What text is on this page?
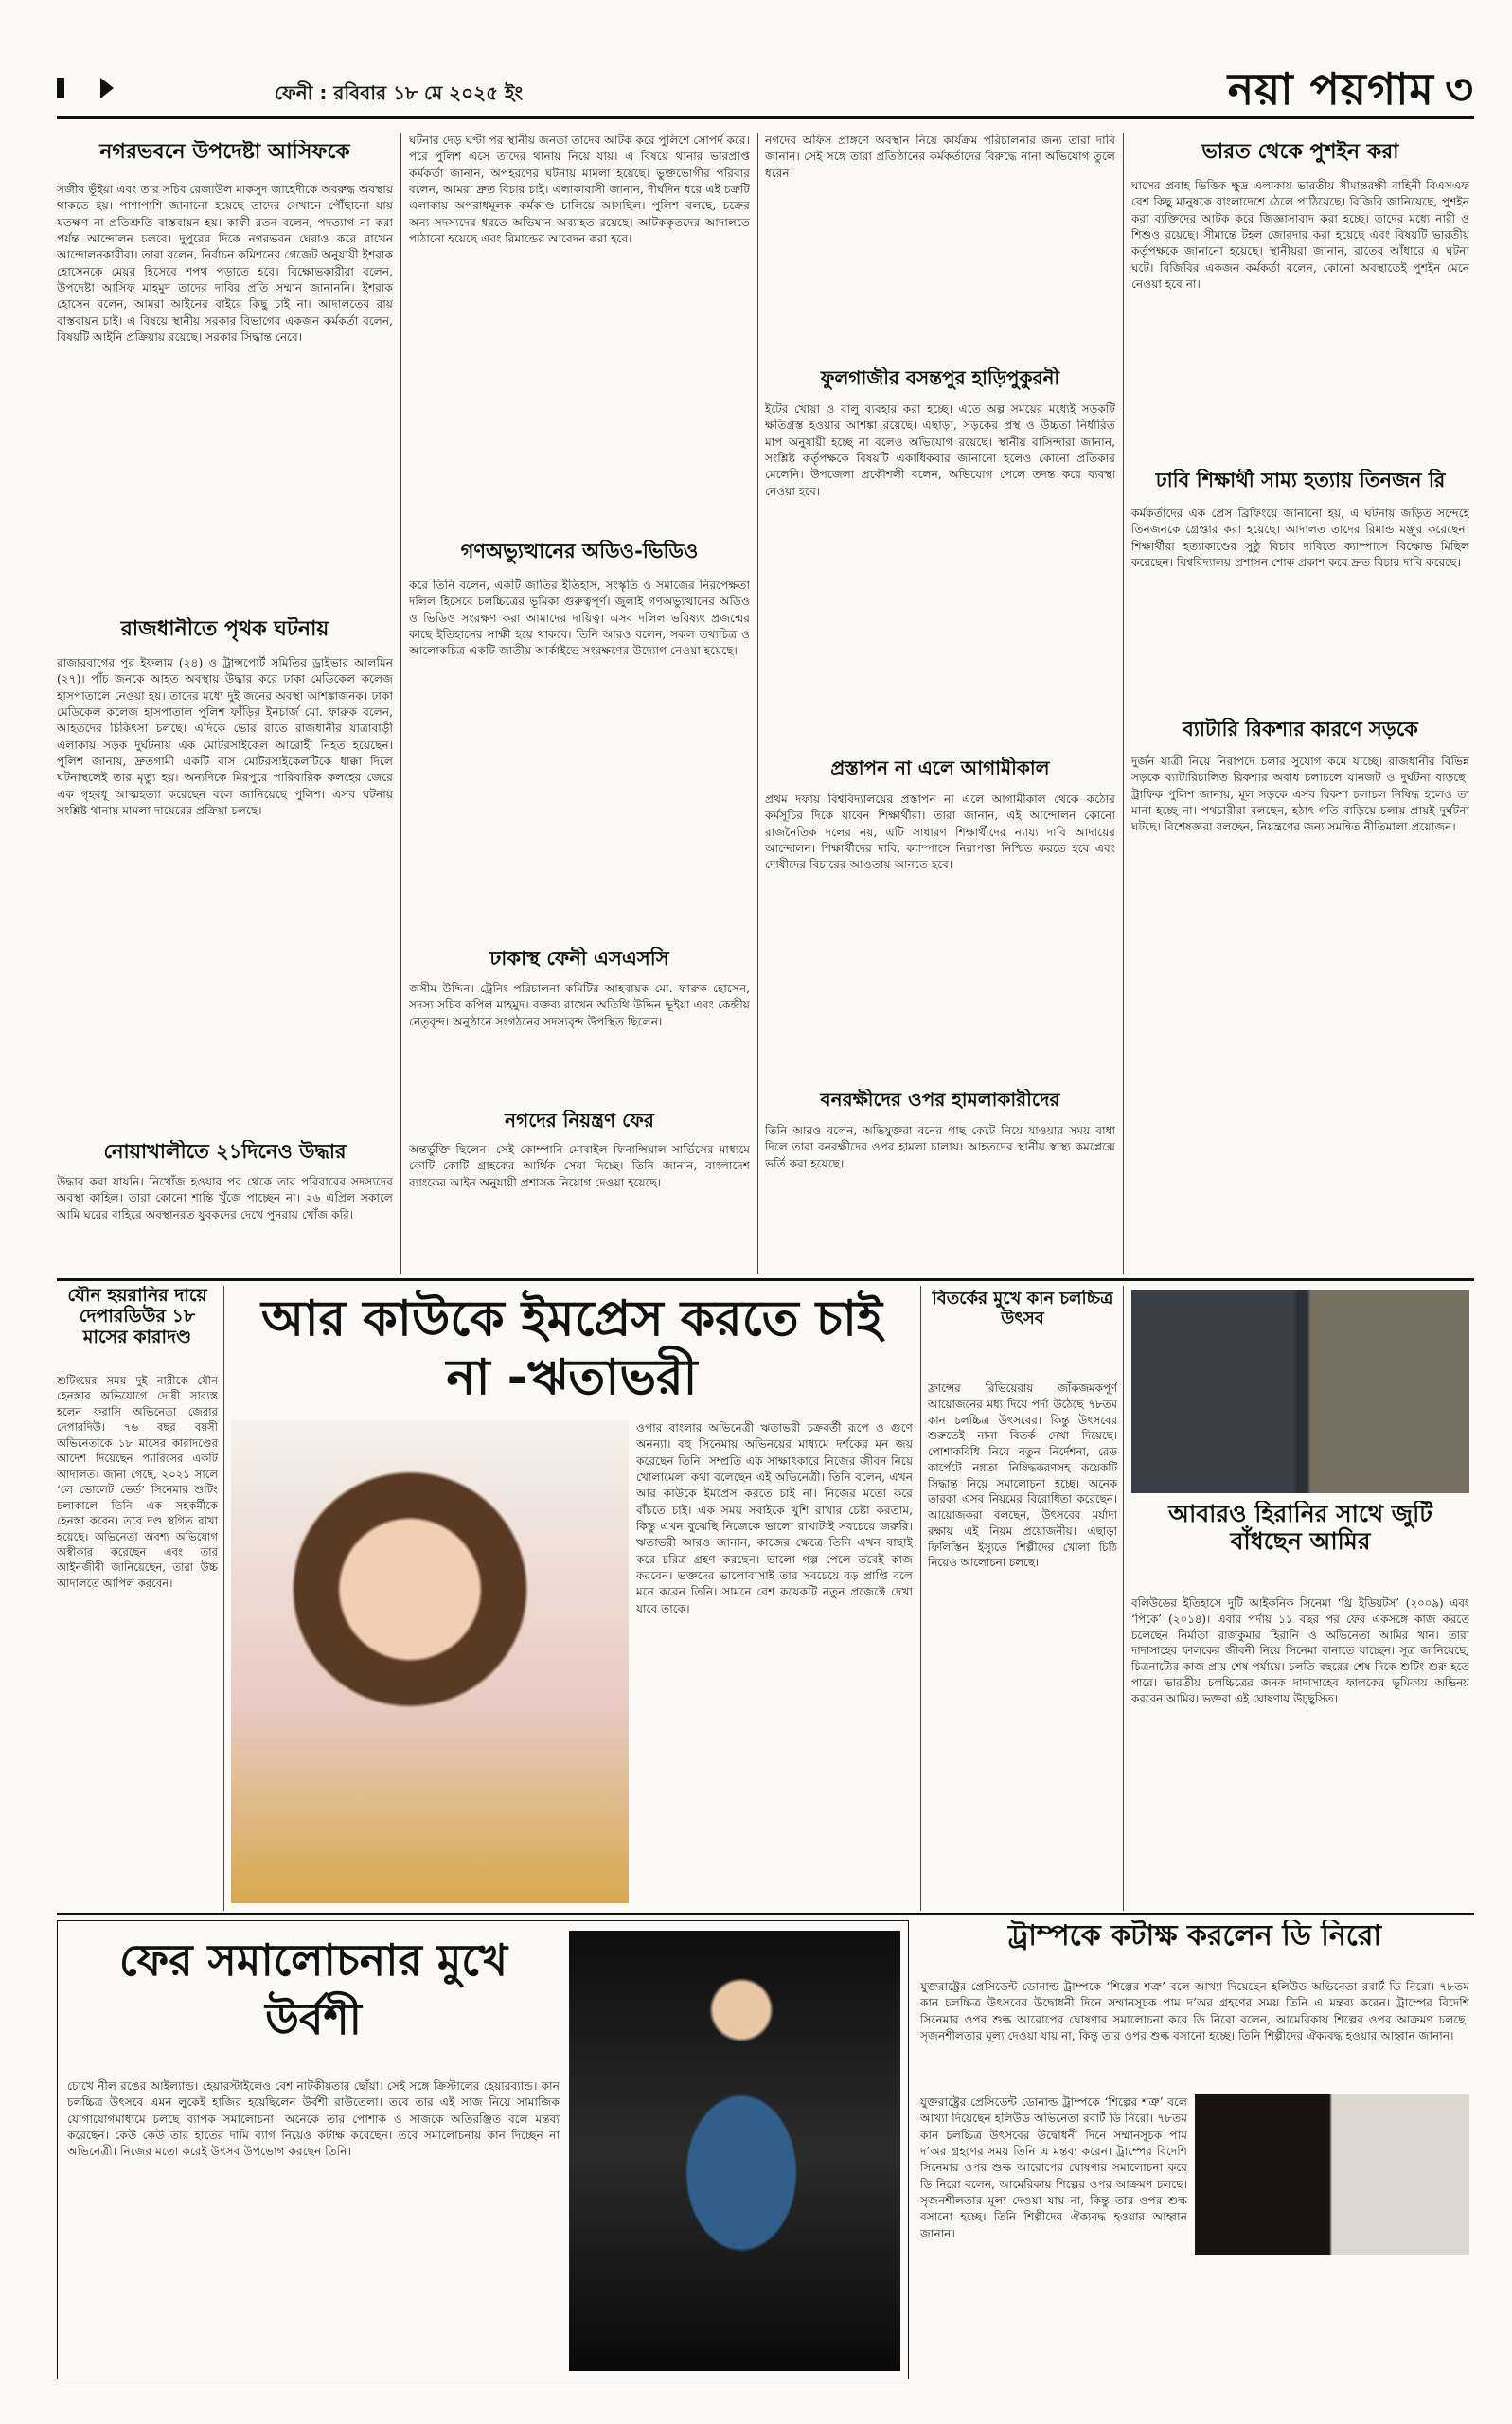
ফেনী : রবিবার ১৮ মে ২০২৫ ইং	নয়া পয়গাম ৩
নগরভবনে উপদেষ্টা আসিফকে
সজীব ভূঁইয়া এবং তার সচিব রেজাউল মাকসুদ জাহেদীকে অবরুদ্ধ অবস্থায় থাকতে হয়। পাশাপাশি জানানো হয়েছে তাদের সেখানে পৌঁছানো যায় যতক্ষণ না প্রতিশ্রুতি বাস্তবায়ন হয়। কাফী রতন বলেন, পদত্যাগ না করা পর্যন্ত আন্দোলন চলবে। দুপুরের দিকে নগরভবন ঘেরাও করে রাখেন আন্দোলনকারীরা। তারা বলেন, নির্বাচন কমিশনের গেজেট অনুযায়ী ইশরাক হোসেনকে মেয়র হিসেবে শপথ পড়াতে হবে। বিক্ষোভকারীরা বলেন, উপদেষ্টা আসিফ মাহমুদ তাদের দাবির প্রতি সম্মান জানাননি। ইশরাক হোসেন বলেন, আমরা আইনের বাইরে কিছু চাই না। আদালতের রায় বাস্তবায়ন চাই। এ বিষয়ে স্থানীয় সরকার বিভাগের একজন কর্মকর্তা বলেন, বিষয়টি আইনি প্রক্রিয়ায় রয়েছে। সরকার সিদ্ধান্ত নেবে।
রাজধানীতে পৃথক ঘটনায়
রাজারবাগের পুর ইফলাম (২৪) ও ট্রান্সপোর্ট সমিতির ড্রাইভার আলমিন (২৭)। পাঁচ জনকে আহত অবস্থায় উদ্ধার করে ঢাকা মেডিকেল কলেজ হাসপাতালে নেওয়া হয়। তাদের মধ্যে দুই জনের অবস্থা আশঙ্কাজনক। ঢাকা মেডিকেল কলেজ হাসপাতাল পুলিশ ফাঁড়ির ইনচার্জ মো. ফারুক বলেন, আহতদের চিকিৎসা চলছে। এদিকে ভোর রাতে রাজধানীর যাত্রাবাড়ী এলাকায় সড়ক দুর্ঘটনায় এক মোটরসাইকেল আরোহী নিহত হয়েছেন। পুলিশ জানায়, দ্রুতগামী একটি বাস মোটরসাইকেলটিকে ধাক্কা দিলে ঘটনাস্থলেই তার মৃত্যু হয়। অন্যদিকে মিরপুরে পারিবারিক কলহের জেরে এক গৃহবধূ আত্মহত্যা করেছেন বলে জানিয়েছে পুলিশ। এসব ঘটনায় সংশ্লিষ্ট থানায় মামলা দায়েরের প্রক্রিয়া চলছে।
নোয়াখালীতে ২১দিনেও উদ্ধার
উদ্ধার করা যায়নি। নিখোঁজ হওয়ার পর থেকে তার পরিবারের সদস্যদের অবস্থা কাহিল। তারা কোনো শান্তি খুঁজে পাচ্ছেন না। ২৬ এপ্রিল সকালে আমি ঘরের বাহিরে অবস্থানরত যুবকদের দেখে পুনরায় খোঁজ করি।
ঘটনার দেড় ঘণ্টা পর স্থানীয় জনতা তাদের আটক করে পুলিশে সোপর্দ করে। পরে পুলিশ এসে তাদের থানায় নিয়ে যায়। এ বিষয়ে থানার ভারপ্রাপ্ত কর্মকর্তা জানান, অপহরণের ঘটনায় মামলা হয়েছে। ভুক্তভোগীর পরিবার বলেন, আমরা দ্রুত বিচার চাই। এলাকাবাসী জানান, দীর্ঘদিন ধরে এই চক্রটি এলাকায় অপরাধমূলক কর্মকাণ্ড চালিয়ে আসছিল। পুলিশ বলছে, চক্রের অন্য সদস্যদের ধরতে অভিযান অব্যাহত রয়েছে। আটককৃতদের আদালতে পাঠানো হয়েছে এবং রিমান্ডের আবেদন করা হবে।
গণঅভ্যুত্থানের অডিও-ভিডিও
করে তিনি বলেন, একটি জাতির ইতিহাস, সংস্কৃতি ও সমাজের নিরপেক্ষতা দলিল হিসেবে চলচ্চিত্রের ভূমিকা গুরুত্বপূর্ণ। জুলাই গণঅভ্যুত্থানের অডিও ও ভিডিও সংরক্ষণ করা আমাদের দায়িত্ব। এসব দলিল ভবিষ্যৎ প্রজন্মের কাছে ইতিহাসের সাক্ষী হয়ে থাকবে। তিনি আরও বলেন, সকল তথ্যচিত্র ও আলোকচিত্র একটি জাতীয় আর্কাইভে সংরক্ষণের উদ্যোগ নেওয়া হয়েছে।
ঢাকাস্থ ফেনী এসএসসি
জসীম উদ্দিন। ট্রেনিং পরিচালনা কমিটির আহবায়ক মো. ফারুক হোসেন, সদস্য সচিব কপিল মাহমুদ। বক্তব্য রাখেন অতিথি উদ্দিন ভূইয়া এবং কেন্দ্রীয় নেতৃবৃন্দ। অনুষ্ঠানে সংগঠনের সদস্যবৃন্দ উপস্থিত ছিলেন।
নগদের নিয়ন্ত্রণ ফের
অন্তর্ভুক্তি ছিলেন। সেই কোম্পানি মোবাইল ফিনান্সিয়াল সার্ভিসের মাধ্যমে কোটি কোটি গ্রাহকের আর্থিক সেবা দিচ্ছে। তিনি জানান, বাংলাদেশ ব্যাংকের আইন অনুযায়ী প্রশাসক নিয়োগ দেওয়া হয়েছে।
নগদের অফিস প্রাঙ্গণে অবস্থান নিয়ে কার্যক্রম পরিচালনার জন্য তারা দাবি জানান। সেই সঙ্গে তারা প্রতিষ্ঠানের কর্মকর্তাদের বিরুদ্ধে নানা অভিযোগ তুলে ধরেন।
ফুলগাজীর বসন্তপুর হাড়িপুকুরনী
ইটের খোয়া ও বালু ব্যবহার করা হচ্ছে। এতে অল্প সময়ের মধ্যেই সড়কটি ক্ষতিগ্রস্ত হওয়ার আশঙ্কা রয়েছে। এছাড়া, সড়কের প্রস্থ ও উচ্চতা নির্ধারিত মাপ অনুযায়ী হচ্ছে না বলেও অভিযোগ রয়েছে। স্থানীয় বাসিন্দারা জানান, সংশ্লিষ্ট কর্তৃপক্ষকে বিষয়টি একাধিকবার জানানো হলেও কোনো প্রতিকার মেলেনি। উপজেলা প্রকৌশলী বলেন, অভিযোগ পেলে তদন্ত করে ব্যবস্থা নেওয়া হবে।
প্রস্তাপন না এলে আগামীকাল
প্রথম দফায় বিশ্ববিদ্যালয়ের প্রস্তাপন না এলে আগামীকাল থেকে কঠোর কর্মসূচির দিকে যাবেন শিক্ষার্থীরা। তারা জানান, এই আন্দোলন কোনো রাজনৈতিক দলের নয়, এটি সাধারণ শিক্ষার্থীদের ন্যায্য দাবি আদায়ের আন্দোলন। শিক্ষার্থীদের দাবি, ক্যাম্পাসে নিরাপত্তা নিশ্চিত করতে হবে এবং দোষীদের বিচারের আওতায় আনতে হবে।
বনরক্ষীদের ওপর হামলাকারীদের
তিনি আরও বলেন, অভিযুক্তরা বনের গাছ কেটে নিয়ে যাওয়ার সময় বাধা দিলে তারা বনরক্ষীদের ওপর হামলা চালায়। আহতদের স্থানীয় স্বাস্থ্য কমপ্লেক্সে ভর্তি করা হয়েছে।
ভারত থেকে পুশইন করা
ঘাসের প্রবাহ ভিত্তিক ক্ষুদ্র এলাকায় ভারতীয় সীমান্তরক্ষী বাহিনী বিএসএফ বেশ কিছু মানুষকে বাংলাদেশে ঠেলে পাঠিয়েছে। বিজিবি জানিয়েছে, পুশইন করা ব্যক্তিদের আটক করে জিজ্ঞাসাবাদ করা হচ্ছে। তাদের মধ্যে নারী ও শিশুও রয়েছে। সীমান্তে টহল জোরদার করা হয়েছে এবং বিষয়টি ভারতীয় কর্তৃপক্ষকে জানানো হয়েছে। স্থানীয়রা জানান, রাতের আঁধারে এ ঘটনা ঘটে। বিজিবির একজন কর্মকর্তা বলেন, কোনো অবস্থাতেই পুশইন মেনে নেওয়া হবে না।
ঢাবি শিক্ষার্থী সাম্য হত্যায় তিনজন রি
কর্মকর্তাদের এক প্রেস ব্রিফিংয়ে জানানো হয়, এ ঘটনায় জড়িত সন্দেহে তিনজনকে গ্রেপ্তার করা হয়েছে। আদালত তাদের রিমান্ড মঞ্জুর করেছেন। শিক্ষার্থীরা হত্যাকাণ্ডের সুষ্ঠু বিচার দাবিতে ক্যাম্পাসে বিক্ষোভ মিছিল করেছেন। বিশ্ববিদ্যালয় প্রশাসন শোক প্রকাশ করে দ্রুত বিচার দাবি করেছে।
ব্যাটারি রিকশার কারণে সড়কে
দুর্জন যাত্রী নিয়ে নিরাপদে চলার সুযোগ কমে যাচ্ছে। রাজধানীর বিভিন্ন সড়কে ব্যাটারিচালিত রিকশার অবাধ চলাচলে যানজট ও দুর্ঘটনা বাড়ছে। ট্রাফিক পুলিশ জানায়, মূল সড়কে এসব রিকশা চলাচল নিষিদ্ধ হলেও তা মানা হচ্ছে না। পথচারীরা বলছেন, হঠাৎ গতি বাড়িয়ে চলায় প্রায়ই দুর্ঘটনা ঘটছে। বিশেষজ্ঞরা বলছেন, নিয়ন্ত্রণের জন্য সমন্বিত নীতিমালা প্রয়োজন।
যৌন হয়রানির দায়ে দেপারডিউর ১৮ মাসের কারাদণ্ড
শুটিংয়ের সময় দুই নারীকে যৌন হেনস্তার অভিযোগে দোষী সাব্যস্ত হলেন ফরাসি অভিনেতা জেরার দেপারদিউ। ৭৬ বছর বয়সী অভিনেতাকে ১৮ মাসের কারাদণ্ডের আদেশ দিয়েছেন প্যারিসের একটি আদালত। জানা গেছে, ২০২১ সালে ‘লে ভোলেট ভের্ত’ সিনেমার শুটিং চলাকালে তিনি এক সহকর্মীকে হেনস্তা করেন। তবে দণ্ড স্থগিত রাখা হয়েছে। অভিনেতা অবশ্য অভিযোগ অস্বীকার করেছেন এবং তার আইনজীবী জানিয়েছেন, তারা উচ্চ আদালতে আপিল করবেন।
আর কাউকে ইমপ্রেস করতে চাই না -ঋতাভরী
ওপার বাংলার অভিনেত্রী ঋতাভরী চক্রবর্তী রূপে ও গুণে অনন্যা। বহু সিনেমায় অভিনয়ের মাধ্যমে দর্শকের মন জয় করেছেন তিনি। সম্প্রতি এক সাক্ষাৎকারে নিজের জীবন নিয়ে খোলামেলা কথা বলেছেন এই অভিনেত্রী। তিনি বলেন, এখন আর কাউকে ইমপ্রেস করতে চাই না। নিজের মতো করে বাঁচতে চাই। এক সময় সবাইকে খুশি রাখার চেষ্টা করতাম, কিন্তু এখন বুঝেছি নিজেকে ভালো রাখাটাই সবচেয়ে জরুরি। ঋতাভরী আরও জানান, কাজের ক্ষেত্রে তিনি এখন বাছাই করে চরিত্র গ্রহণ করছেন। ভালো গল্প পেলে তবেই কাজ করবেন। ভক্তদের ভালোবাসাই তার সবচেয়ে বড় প্রাপ্তি বলে মনে করেন তিনি। সামনে বেশ কয়েকটি নতুন প্রজেক্টে দেখা যাবে তাকে।
বিতর্কের মুখে কান চলচ্চিত্র উৎসব
ফ্রান্সের রিভিয়েরায় জাঁকজমকপূর্ণ আয়োজনের মধ্য দিয়ে পর্দা উঠেছে ৭৮তম কান চলচ্চিত্র উৎসবের। কিন্তু উৎসবের শুরুতেই নানা বিতর্ক দেখা দিয়েছে। পোশাকবিধি নিয়ে নতুন নির্দেশনা, রেড কার্পেটে নগ্নতা নিষিদ্ধকরণসহ কয়েকটি সিদ্ধান্ত নিয়ে সমালোচনা হচ্ছে। অনেক তারকা এসব নিয়মের বিরোধিতা করেছেন। আয়োজকরা বলছেন, উৎসবের মর্যাদা রক্ষায় এই নিয়ম প্রয়োজনীয়। এছাড়া ফিলিস্তিন ইস্যুতে শিল্পীদের খোলা চিঠি নিয়েও আলোচনা চলছে।
আবারও হিরানির সাথে জুটি বাঁধছেন আমির
বলিউডের ইতিহাসে দুটি আইকনিক সিনেমা ‘থ্রি ইডিয়টস’ (২০০৯) এবং ‘পিকে’ (২০১৪)। এবার পর্দায় ১১ বছর পর ফের একসঙ্গে কাজ করতে চলেছেন নির্মাতা রাজকুমার হিরানি ও অভিনেতা আমির খান। তারা দাদাসাহেব ফালকের জীবনী নিয়ে সিনেমা বানাতে যাচ্ছেন। সূত্র জানিয়েছে, চিত্রনাট্যের কাজ প্রায় শেষ পর্যায়ে। চলতি বছরের শেষ দিকে শুটিং শুরু হতে পারে। ভারতীয় চলচ্চিত্রের জনক দাদাসাহেব ফালকের ভূমিকায় অভিনয় করবেন আমির। ভক্তরা এই ঘোষণায় উচ্ছ্বসিত।
ফের সমালোচনার মুখে উর্বশী
চোখে নীল রঙের আইল্যান্ড। হেয়ারস্টাইলেও বেশ নাটকীয়তার ছোঁয়া। সেই সঙ্গে ক্রিস্টালের হেয়ারব্যান্ড। কান চলচ্চিত্র উৎসবে এমন লুকেই হাজির হয়েছিলেন উর্বশী রাউতেলা। তবে তার এই সাজ নিয়ে সামাজিক যোগাযোগমাধ্যমে চলছে ব্যাপক সমালোচনা। অনেকে তার পোশাক ও সাজকে অতিরঞ্জিত বলে মন্তব্য করেছেন। কেউ কেউ তার হাতের দামি ব্যাগ নিয়েও কটাক্ষ করেছেন। তবে সমালোচনায় কান দিচ্ছেন না অভিনেত্রী। নিজের মতো করেই উৎসব উপভোগ করছেন তিনি।
ট্রাম্পকে কটাক্ষ করলেন ডি নিরো
যুক্তরাষ্ট্রের প্রেসিডেন্ট ডোনাল্ড ট্রাম্পকে ‘শিল্পের শত্রু’ বলে আখ্যা দিয়েছেন হলিউড অভিনেতা রবার্ট ডি নিরো। ৭৮তম কান চলচ্চিত্র উৎসবের উদ্বোধনী দিনে সম্মানসূচক পাম দ’অর গ্রহণের সময় তিনি এ মন্তব্য করেন। ট্রাম্পের বিদেশি সিনেমার ওপর শুল্ক আরোপের ঘোষণার সমালোচনা করে ডি নিরো বলেন, আমেরিকায় শিল্পের ওপর আক্রমণ চলছে। সৃজনশীলতার মূল্য দেওয়া যায় না, কিন্তু তার ওপর শুল্ক বসানো হচ্ছে। তিনি শিল্পীদের ঐক্যবদ্ধ হওয়ার আহ্বান জানান।
যুক্তরাষ্ট্রের প্রেসিডেন্ট ডোনাল্ড ট্রাম্পকে ‘শিল্পের শত্রু’ বলে আখ্যা দিয়েছেন হলিউড অভিনেতা রবার্ট ডি নিরো। ৭৮তম কান চলচ্চিত্র উৎসবের উদ্বোধনী দিনে সম্মানসূচক পাম দ’অর গ্রহণের সময় তিনি এ মন্তব্য করেন। ট্রাম্পের বিদেশি সিনেমার ওপর শুল্ক আরোপের ঘোষণার সমালোচনা করে ডি নিরো বলেন, আমেরিকায় শিল্পের ওপর আক্রমণ চলছে। সৃজনশীলতার মূল্য দেওয়া যায় না, কিন্তু তার ওপর শুল্ক বসানো হচ্ছে। তিনি শিল্পীদের ঐক্যবদ্ধ হওয়ার আহ্বান জানান।
